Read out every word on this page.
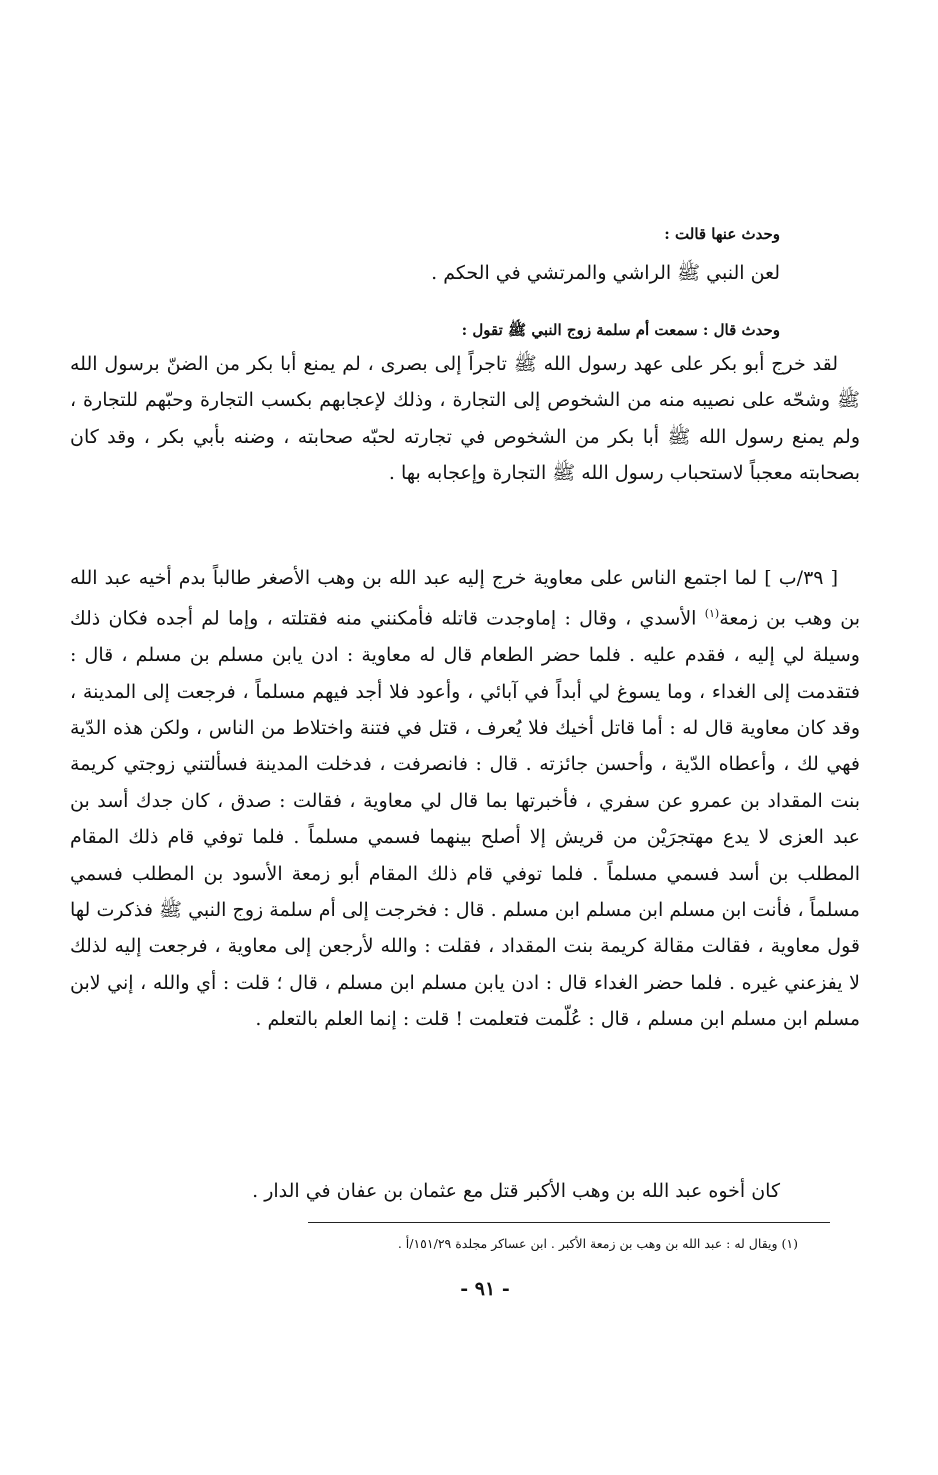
وحدث عنها قالت :
لعن النبي ﷺ الراشي والمرتشي في الحكم .
وحدث قال : سمعت أم سلمة زوج النبي ﷺ تقول :

لقد خرج أبو بكر على عهد رسول الله ﷺ تاجراً إلى بصرى ، لم يمنع أبا بكر من الضنّ برسول الله ﷺ وشحّه على نصيبه منه من الشخوص إلى التجارة ، وذلك لإعجابهم بكسب التجارة وحبّهم للتجارة ، ولم يمنع رسول الله ﷺ أبا بكر من الشخوص في تجارته لحبّه صحابته ، وضنه بأبي بكر ، وقد كان بصحابته معجباً لاستحباب رسول الله ﷺ التجارة وإعجابه بها .

[ ٣٩/ب ] لما اجتمع الناس على معاوية خرج إليه عبد الله بن وهب الأصغر طالباً بدم أخيه عبد الله بن وهب بن زمعة$^{(١)}$ الأسدي ، وقال : إماوجدت قاتله فأمكنني منه فقتلته ، وإما لم أجده فكان ذلك وسيلة لي إليه ، فقدم عليه . فلما حضر الطعام قال له معاوية : ادن يابن مسلم بن مسلم ، قال : فتقدمت إلى الغداء ، وما يسوغ لي أبداً في آبائي ، وأعود فلا أجد فيهم مسلماً ، فرجعت إلى المدينة ، وقد كان معاوية قال له : أما قاتل أخيك فلا يُعرف ، قتل في فتنة واختلاط من الناس ، ولكن هذه الدّية فهي لك ، وأعطاه الدّية ، وأحسن جائزته . قال : فانصرفت ، فدخلت المدينة فسألتني زوجتي كريمة بنت المقداد بن عمرو عن سفري ، فأخبرتها بما قال لي معاوية ، فقالت : صدق ، كان جدك أسد بن عبد العزى لا يدع مهتجرَيْن من قريش إلا أصلح بينهما فسمي مسلماً . فلما توفي قام ذلك المقام المطلب بن أسد فسمي مسلماً . فلما توفي قام ذلك المقام أبو زمعة الأسود بن المطلب فسمي مسلماً ، فأنت ابن مسلم ابن مسلم ابن مسلم . قال : فخرجت إلى أم سلمة زوج النبي ﷺ فذكرت لها قول معاوية ، فقالت مقالة كريمة بنت المقداد ، فقلت : والله لأرجعن إلى معاوية ، فرجعت إليه لذلك لا يفزعني غيره . فلما حضر الغداء قال : ادن يابن مسلم ابن مسلم ، قال ؛ قلت : أي والله ، إني لابن مسلم ابن مسلم ابن مسلم ، قال : عُلّمت فتعلمت ! قلت : إنما العلم بالتعلم .

كان أخوه عبد الله بن وهب الأكبر قتل مع عثمان بن عفان في الدار .
(١) ويقال له : عبد الله بن وهب بن زمعة الأكبر . ابن عساكر مجلدة ١٥١/٢٩/أ .
- ٩١ -
